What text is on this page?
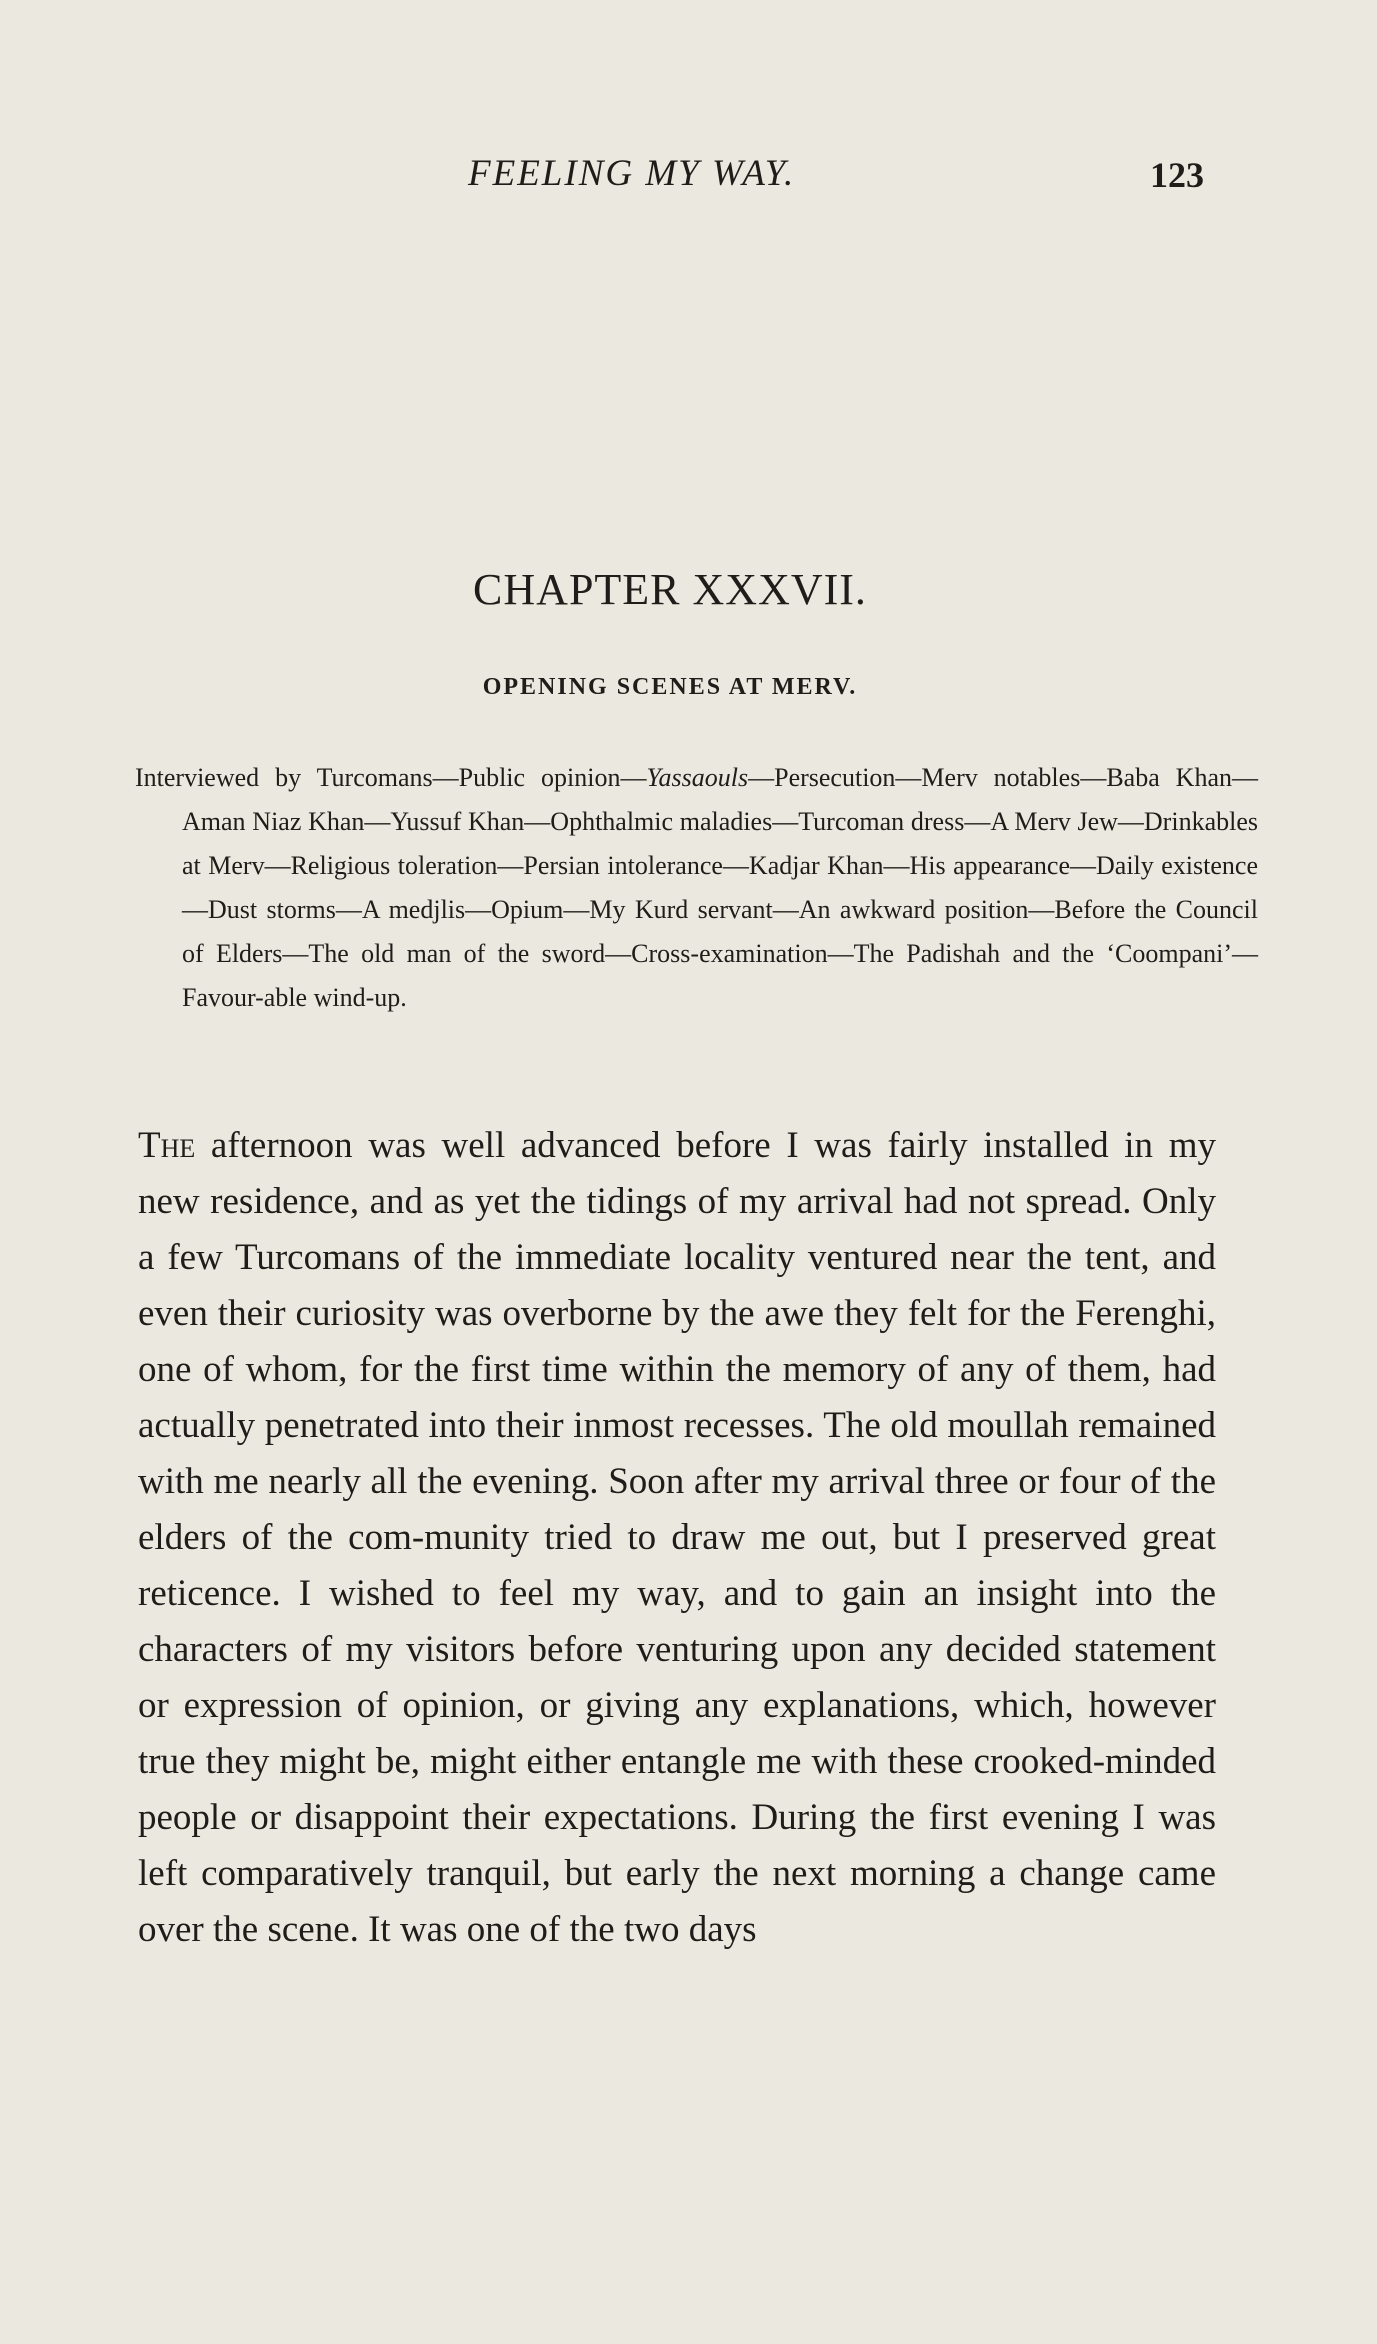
FEELING MY WAY.	123
CHAPTER XXXVII.
OPENING SCENES AT MERV.
Interviewed by Turcomans—Public opinion—Yassaouls—Persecution—Merv notables—Baba Khan—Aman Niaz Khan—Yussuf Khan—Ophthalmic maladies—Turcoman dress—A Merv Jew—Drinkables at Merv—Religious toleration—Persian intolerance—Kadjar Khan—His appearance—Daily existence—Dust storms—A medjlis—Opium—My Kurd servant—An awkward position—Before the Council of Elders—The old man of the sword—Cross-examination—The Padishah and the ‘Coompani’—Favour-able wind-up.
The afternoon was well advanced before I was fairly installed in my new residence, and as yet the tidings of my arrival had not spread. Only a few Turcomans of the immediate locality ventured near the tent, and even their curiosity was overborne by the awe they felt for the Ferenghi, one of whom, for the first time within the memory of any of them, had actually penetrated into their inmost recesses. The old moullah remained with me nearly all the evening. Soon after my arrival three or four of the elders of the com-munity tried to draw me out, but I preserved great reticence. I wished to feel my way, and to gain an insight into the characters of my visitors before venturing upon any decided statement or expression of opinion, or giving any explanations, which, however true they might be, might either entangle me with these crooked-minded people or disappoint their expectations. During the first evening I was left comparatively tranquil, but early the next morning a change came over the scene. It was one of the two days
